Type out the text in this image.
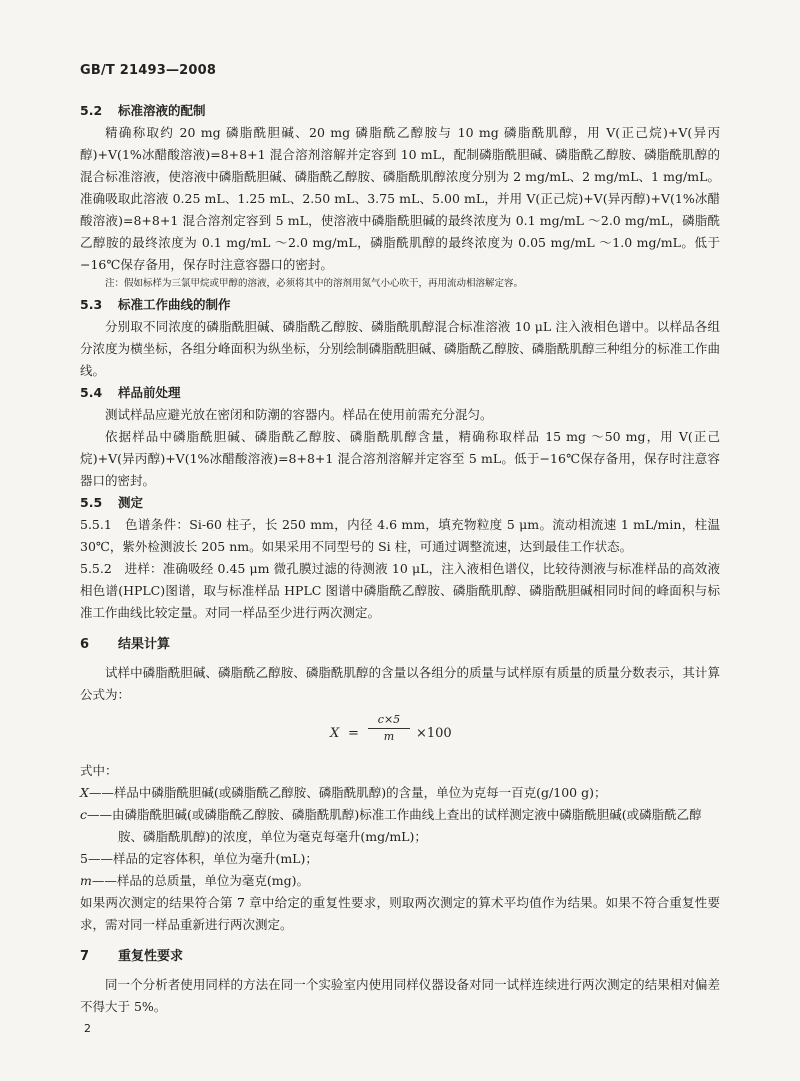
GB/T 21493—2008
5.2 标准溶液的配制

精确称取约 20 mg 磷脂酰胆碱、20 mg 磷脂酰乙醇胺与 10 mg 磷脂酰肌醇，用 V(正己烷)+V(异丙醇)+V(1%冰醋酸溶液)=8+8+1 混合溶剂溶解并定容到 10 mL，配制磷脂酰胆碱、磷脂酰乙醇胺、磷脂酰肌醇的混合标准溶液，使溶液中磷脂酰胆碱、磷脂酰乙醇胺、磷脂酰肌醇浓度分别为 2 mg/mL、2 mg/mL、1 mg/mL。准确吸取此溶液 0.25 mL、1.25 mL、2.50 mL、3.75 mL、5.00 mL，并用 V(正己烷)+V(异丙醇)+V(1%冰醋酸溶液)=8+8+1 混合溶剂定容到 5 mL，使溶液中磷脂酰胆碱的最终浓度为 0.1 mg/mL ～2.0 mg/mL，磷脂酰乙醇胺的最终浓度为 0.1 mg/mL ～2.0 mg/mL，磷脂酰肌醇的最终浓度为 0.05 mg/mL ～1.0 mg/mL。低于−16℃保存备用，保存时注意容器口的密封。

注：假如标样为三氯甲烷或甲醇的溶液，必须将其中的溶剂用氮气小心吹干，再用流动相溶解定容。

5.3 标准工作曲线的制作

分别取不同浓度的磷脂酰胆碱、磷脂酰乙醇胺、磷脂酰肌醇混合标准溶液 10 μL 注入液相色谱中。以样品各组分浓度为横坐标，各组分峰面积为纵坐标，分别绘制磷脂酰胆碱、磷脂酰乙醇胺、磷脂酰肌醇三种组分的标准工作曲线。

5.4 样品前处理

测试样品应避光放在密闭和防潮的容器内。样品在使用前需充分混匀。

依据样品中磷脂酰胆碱、磷脂酰乙醇胺、磷脂酰肌醇含量，精确称取样品 15 mg ～50 mg，用 V(正己烷)+V(异丙醇)+V(1%冰醋酸溶液)=8+8+1 混合溶剂溶解并定容至 5 mL。低于−16℃保存备用，保存时注意容器口的密封。

5.5 测定

5.5.1　色谱条件：Si-60 柱子，长 250 mm，内径 4.6 mm，填充物粒度 5 μm。流动相流速 1 mL/min，柱温 30℃，紫外检测波长 205 nm。如果采用不同型号的 Si 柱，可通过调整流速，达到最佳工作状态。

5.5.2　进样：准确吸经 0.45 μm 微孔膜过滤的待测液 10 μL，注入液相色谱仪，比较待测液与标准样品的高效液相色谱(HPLC)图谱，取与标准样品 HPLC 图谱中磷脂酰乙醇胺、磷脂酰肌醇、磷脂酰胆碱相同时间的峰面积与标准工作曲线比较定量。对同一样品至少进行两次测定。

6 结果计算

试样中磷脂酰胆碱、磷脂酰乙醇胺、磷脂酰肌醇的含量以各组分的质量与试样原有质量的质量分数表示，其计算公式为：

$X = \frac{c\times 5}{m} \times 100$

式中：

X——样品中磷脂酰胆碱(或磷脂酰乙醇胺、磷脂酰肌醇)的含量，单位为克每一百克(g/100 g)；

c——由磷脂酰胆碱(或磷脂酰乙醇胺、磷脂酰肌醇)标准工作曲线上查出的试样测定液中磷脂酰胆碱(或磷脂酰乙醇胺、磷脂酰肌醇)的浓度，单位为毫克每毫升(mg/mL)；

5——样品的定容体积，单位为毫升(mL)；

m——样品的总质量，单位为毫克(mg)。

如果两次测定的结果符合第 7 章中给定的重复性要求，则取两次测定的算术平均值作为结果。如果不符合重复性要求，需对同一样品重新进行两次测定。

7 重复性要求

同一个分析者使用同样的方法在同一个实验室内使用同样仪器设备对同一试样连续进行两次测定的结果相对偏差不得大于 5%。

2
